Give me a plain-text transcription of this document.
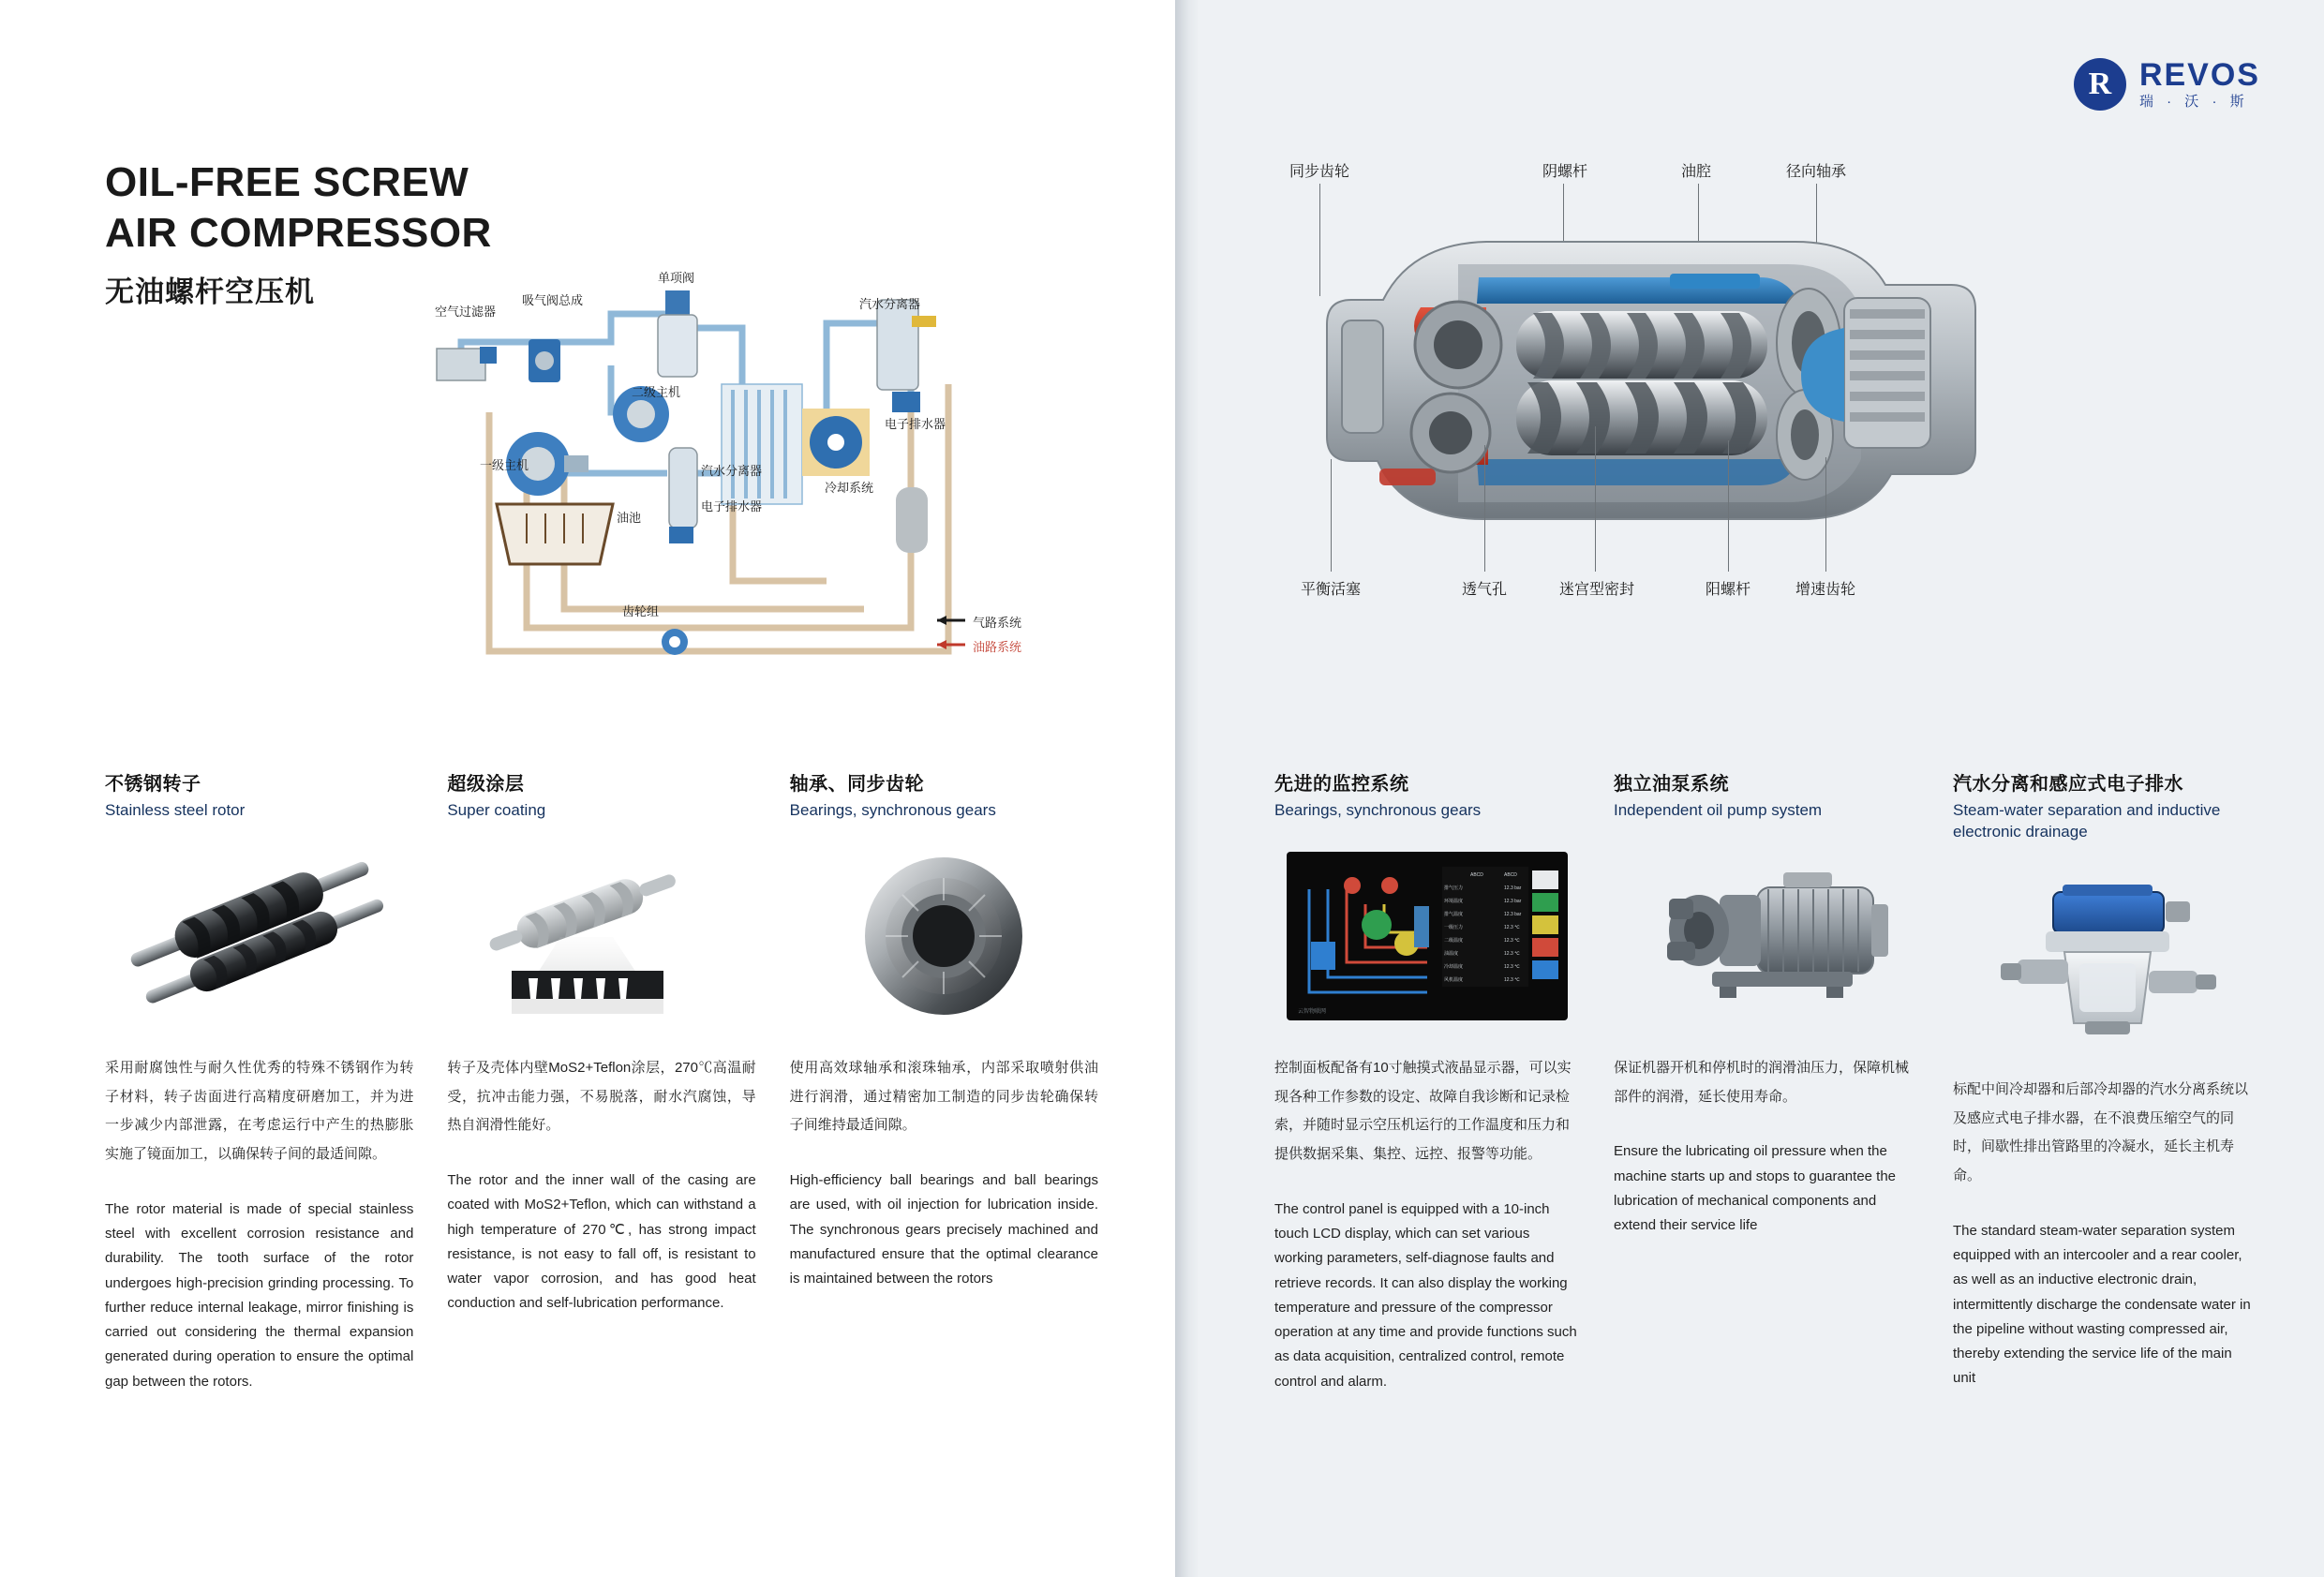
OIL-FREE SCREW
AIR COMPRESSOR
无油螺杆空压机
空气过滤器
吸气阀总成
单项阀
汽水分离器
电子排水器
二级主机
冷却系统
一级主机
油池
汽水分离器
电子排水器
齿轮组
气路系统
油路系统
不锈钢转子
Stainless steel rotor
采用耐腐蚀性与耐久性优秀的特殊不锈钢作为转子材料，转子齿面进行高精度研磨加工，并为进一步减少内部泄露，在考虑运行中产生的热膨胀实施了镜面加工，以确保转子间的最适间隙。
The rotor material is made of special stainless steel with excellent corrosion resistance and durability. The tooth surface of the rotor undergoes high-precision grinding processing. To further reduce internal leakage, mirror finishing is carried out considering the thermal expansion generated during operation to ensure the optimal gap between the rotors.
超级涂层
Super coating
转子及壳体内壁MoS2+Teflon涂层，270℃高温耐受，抗冲击能力强，不易脱落，耐水汽腐蚀，导热自润滑性能好。
The rotor and the inner wall of the casing are coated with MoS2+Teflon, which can withstand a high temperature of 270℃, has strong impact resistance, is not easy to fall off, is resistant to water vapor corrosion, and has good heat conduction and self-lubrication performance.
轴承、同步齿轮
Bearings, synchronous gears
使用高效球轴承和滚珠轴承，内部采取喷射供油进行润滑，通过精密加工制造的同步齿轮确保转子间维持最适间隙。
High-efficiency ball bearings and ball bearings are used, with oil injection for lubrication inside. The synchronous gears precisely machined and manufactured ensure that the optimal clearance is maintained between the rotors
R
REVOS
瑞 · 沃 · 斯
同步齿轮	阴螺杆	油腔	径向轴承
平衡活塞	透气孔	迷宫型密封	阳螺杆	增速齿轮
先进的监控系统
Bearings, synchronous gears
ABCD	ABCD
排气压力	12.3 bar
环境温度	12.3 bar
排气温度	12.3 bar
一级压力	12.3 ℃
二级温度	12.3 ℃
油温度	12.3 ℃
冷却温度	12.3 ℃
风机温度	12.3 ℃
云智物联网
控制面板配备有10寸触摸式液晶显示器，可以实现各种工作参数的设定、故障自我诊断和记录检索，并随时显示空压机运行的工作温度和压力和提供数据采集、集控、远控、报警等功能。
The control panel is equipped with a 10-inch touch LCD display, which can set various working parameters, self-diagnose faults and retrieve records. It can also display the working temperature and pressure of the compressor operation at any time and provide functions such as data acquisition, centralized control, remote control and alarm.
独立油泵系统
Independent oil pump system
保证机器开机和停机时的润滑油压力，保障机械部件的润滑，延长使用寿命。
Ensure the lubricating oil pressure when the machine starts up and stops to guarantee the lubrication of mechanical components and extend their service life
汽水分离和感应式电子排水
Steam-water separation and inductive electronic drainage
标配中间冷却器和后部冷却器的汽水分离系统以及感应式电子排水器，在不浪费压缩空气的同时，间歇性排出管路里的冷凝水，延长主机寿命。
The standard steam-water separation system equipped with an intercooler and a rear cooler, as well as an inductive electronic drain, intermittently discharge the condensate water in the pipeline without wasting compressed air, thereby extending the service life of the main unit
